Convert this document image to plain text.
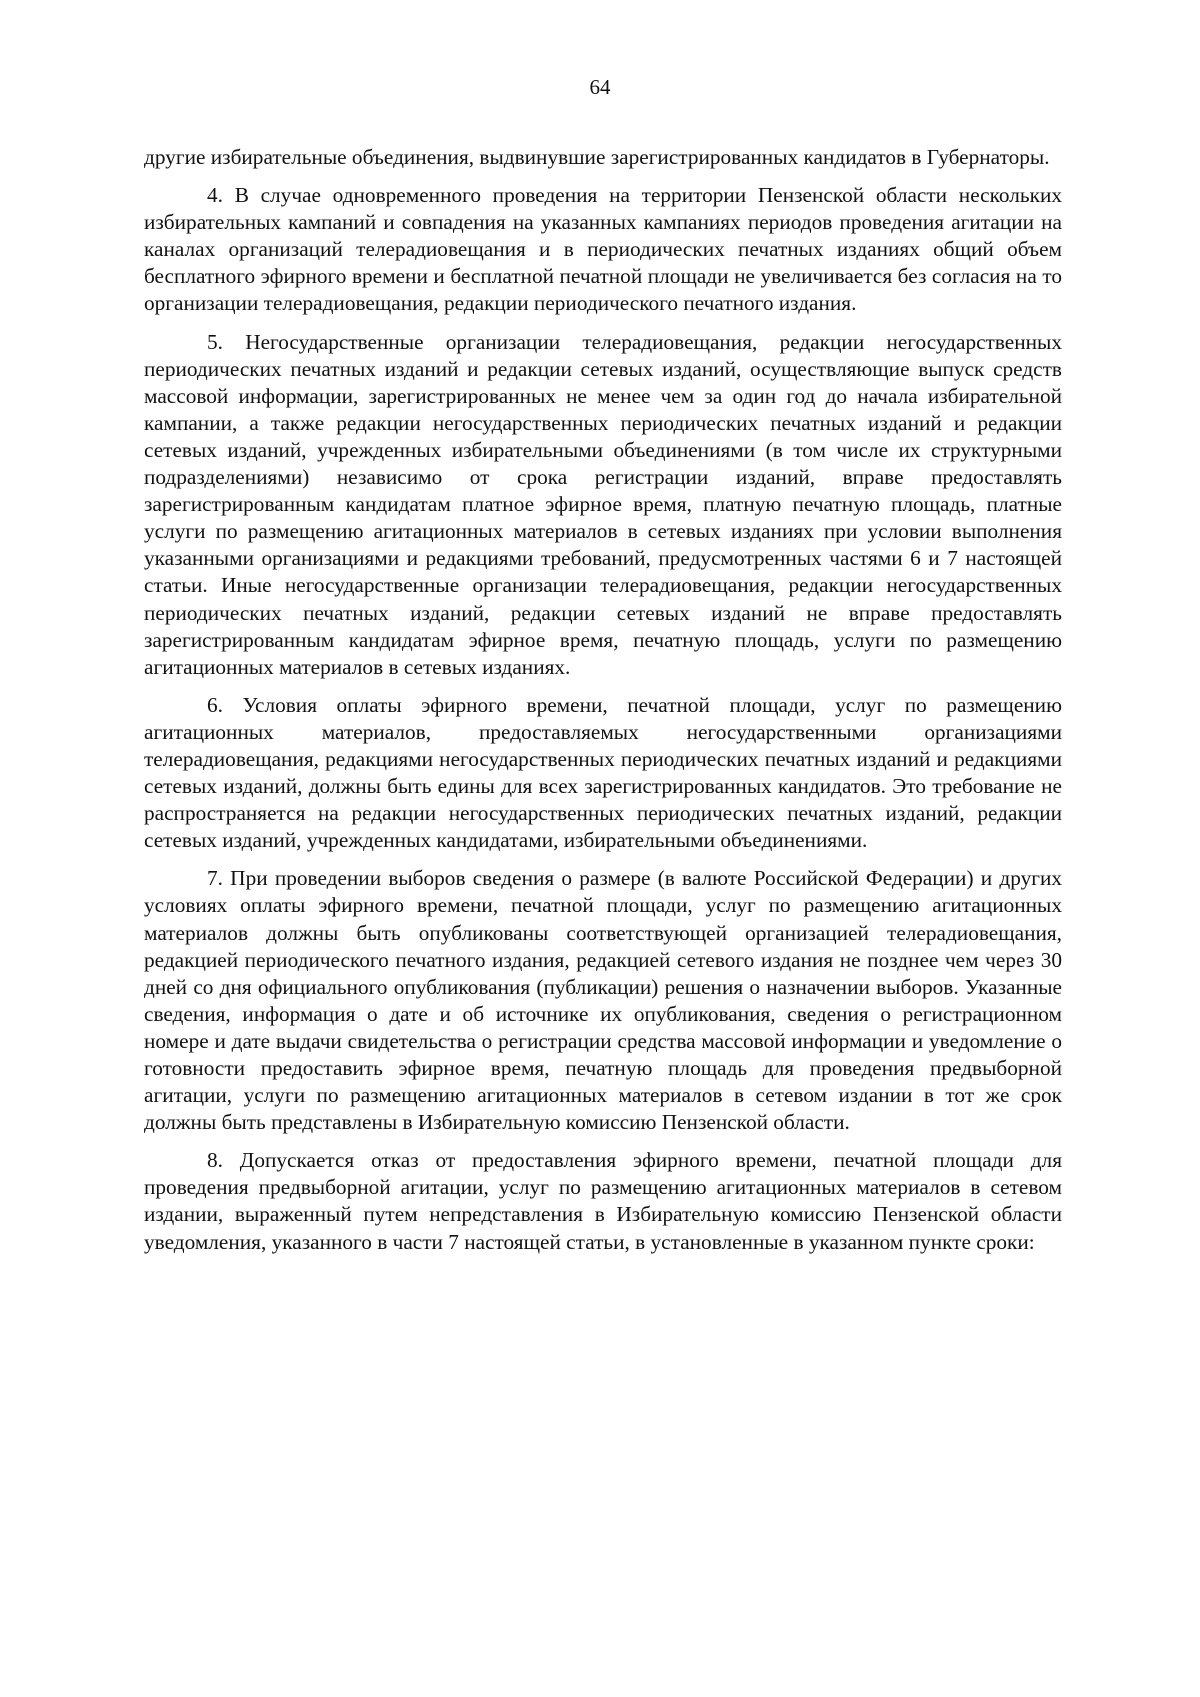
64

другие избирательные объединения, выдвинувшие зарегистрированных кандидатов в Губернаторы.

4. В случае одновременного проведения на территории Пензенской области нескольких избирательных кампаний и совпадения на указанных кампаниях периодов проведения агитации на каналах организаций телерадиовещания и в периодических печатных изданиях общий объем бесплатного эфирного времени и бесплатной печатной площади не увеличивается без согласия на то организации телерадиовещания, редакции периодического печатного издания.

5. Негосударственные организации телерадиовещания, редакции негосударственных периодических печатных изданий и редакции сетевых изданий, осуществляющие выпуск средств массовой информации, зарегистрированных не менее чем за один год до начала избирательной кампании, а также редакции негосударственных периодических печатных изданий и редакции сетевых изданий, учрежденных избирательными объединениями (в том числе их структурными подразделениями) независимо от срока регистрации изданий, вправе предоставлять зарегистрированным кандидатам платное эфирное время, платную печатную площадь, платные услуги по размещению агитационных материалов в сетевых изданиях при условии выполнения указанными организациями и редакциями требований, предусмотренных частями 6 и 7 настоящей статьи. Иные негосударственные организации телерадиовещания, редакции негосударственных периодических печатных изданий, редакции сетевых изданий не вправе предоставлять зарегистрированным кандидатам эфирное время, печатную площадь, услуги по размещению агитационных материалов в сетевых изданиях.

6. Условия оплаты эфирного времени, печатной площади, услуг по размещению агитационных материалов, предоставляемых негосударственными организациями телерадиовещания, редакциями негосударственных периодических печатных изданий и редакциями сетевых изданий, должны быть едины для всех зарегистрированных кандидатов. Это требование не распространяется на редакции негосударственных периодических печатных изданий, редакции сетевых изданий, учрежденных кандидатами, избирательными объединениями.

7. При проведении выборов сведения о размере (в валюте Российской Федерации) и других условиях оплаты эфирного времени, печатной площади, услуг по размещению агитационных материалов должны быть опубликованы соответствующей организацией телерадиовещания, редакцией периодического печатного издания, редакцией сетевого издания не позднее чем через 30 дней со дня официального опубликования (публикации) решения о назначении выборов. Указанные сведения, информация о дате и об источнике их опубликования, сведения о регистрационном номере и дате выдачи свидетельства о регистрации средства массовой информации и уведомление о готовности предоставить эфирное время, печатную площадь для проведения предвыборной агитации, услуги по размещению агитационных материалов в сетевом издании в тот же срок должны быть представлены в Избирательную комиссию Пензенской области.

8. Допускается отказ от предоставления эфирного времени, печатной площади для проведения предвыборной агитации, услуг по размещению агитационных материалов в сетевом издании, выраженный путем непредставления в Избирательную комиссию Пензенской области уведомления, указанного в части 7 настоящей статьи, в установленные в указанном пункте сроки:
